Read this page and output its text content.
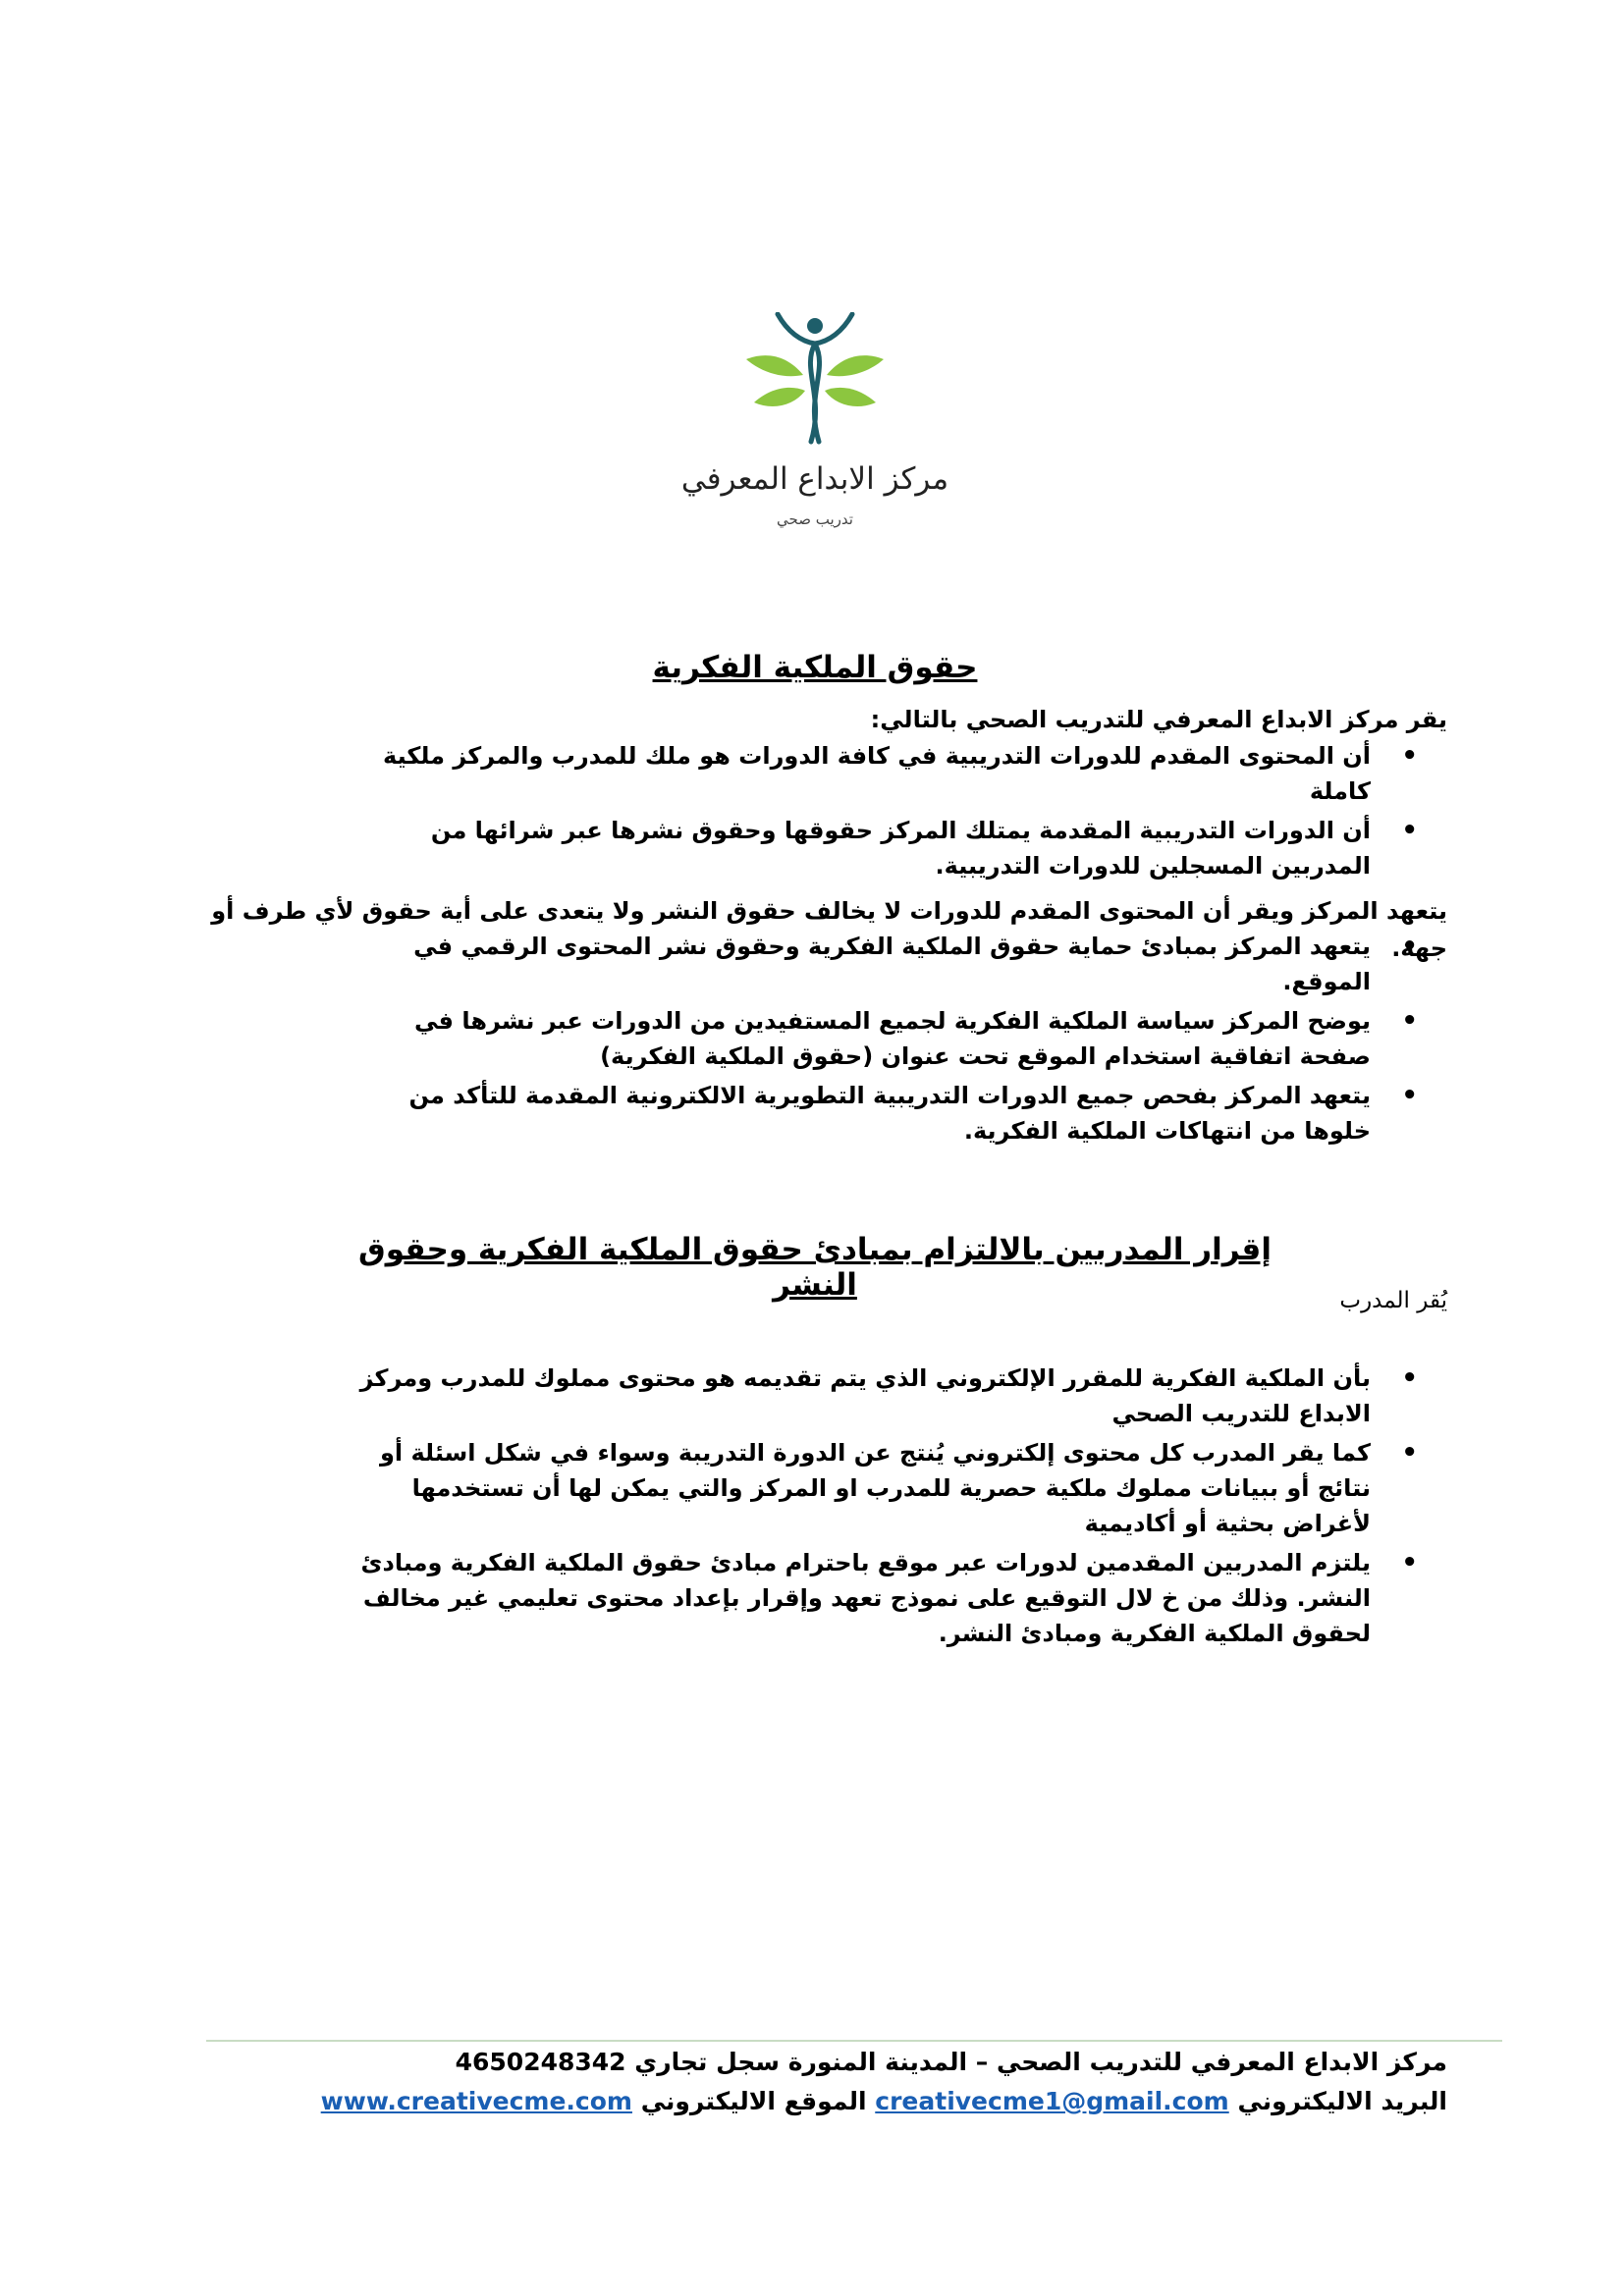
مركز الابداع المعرفي
تدريب صحي
حقوق الملكية الفكرية
يقر مركز الابداع المعرفي للتدريب الصحي بالتالي:
• أن المحتوى المقدم للدورات التدريبية في كافة الدورات هو ملك للمدرب والمركز ملكية كاملة
• أن الدورات التدريبية المقدمة يمتلك المركز حقوقها وحقوق نشرها عبر شرائها من المدربين المسجلين للدورات التدريبية.
يتعهد المركز ويقر أن المحتوى المقدم للدورات لا يخالف حقوق النشر ولا يتعدى على أية حقوق لأي طرف أو جهة.
• يتعهد المركز بمبادئ حماية حقوق الملكية الفكرية وحقوق نشر المحتوى الرقمي في الموقع.
• يوضح المركز سياسة الملكية الفكرية لجميع المستفيدين من الدورات عبر نشرها في صفحة اتفاقية استخدام الموقع تحت عنوان (حقوق الملكية الفكرية)
• يتعهد المركز بفحص جميع الدورات التدريبية التطويرية الالكترونية المقدمة للتأكد من خلوها من انتهاكات الملكية الفكرية.
إقرار المدربين بالالتزام بمبادئ حقوق الملكية الفكرية وحقوق النشر	يُقر المدرب
• بأن الملكية الفكرية للمقرر الإلكتروني الذي يتم تقديمه هو محتوى مملوك للمدرب ومركز الابداع للتدريب الصحي
• كما يقر المدرب كل محتوى إلكتروني يُنتج عن الدورة التدريبة وسواء في شكل اسئلة أو نتائج أو ببيانات مملوك ملكية حصرية للمدرب او المركز والتي يمكن لها أن تستخدمها لأغراض بحثية أو أكاديمية
• يلتزم المدربين المقدمين لدورات عبر موقع باحترام مبادئ حقوق الملكية الفكرية ومبادئ النشر. وذلك من خ لال التوقيع على نموذج تعهد وإقرار بإعداد محتوى تعليمي غير مخالف لحقوق الملكية الفكرية ومبادئ النشر.
مركز الابداع المعرفي للتدريب الصحي – المدينة المنورة سجل تجاري 4650248342
البريد الاليكتروني creativecme1@gmail.com الموقع الاليكتروني www.creativecme.com
